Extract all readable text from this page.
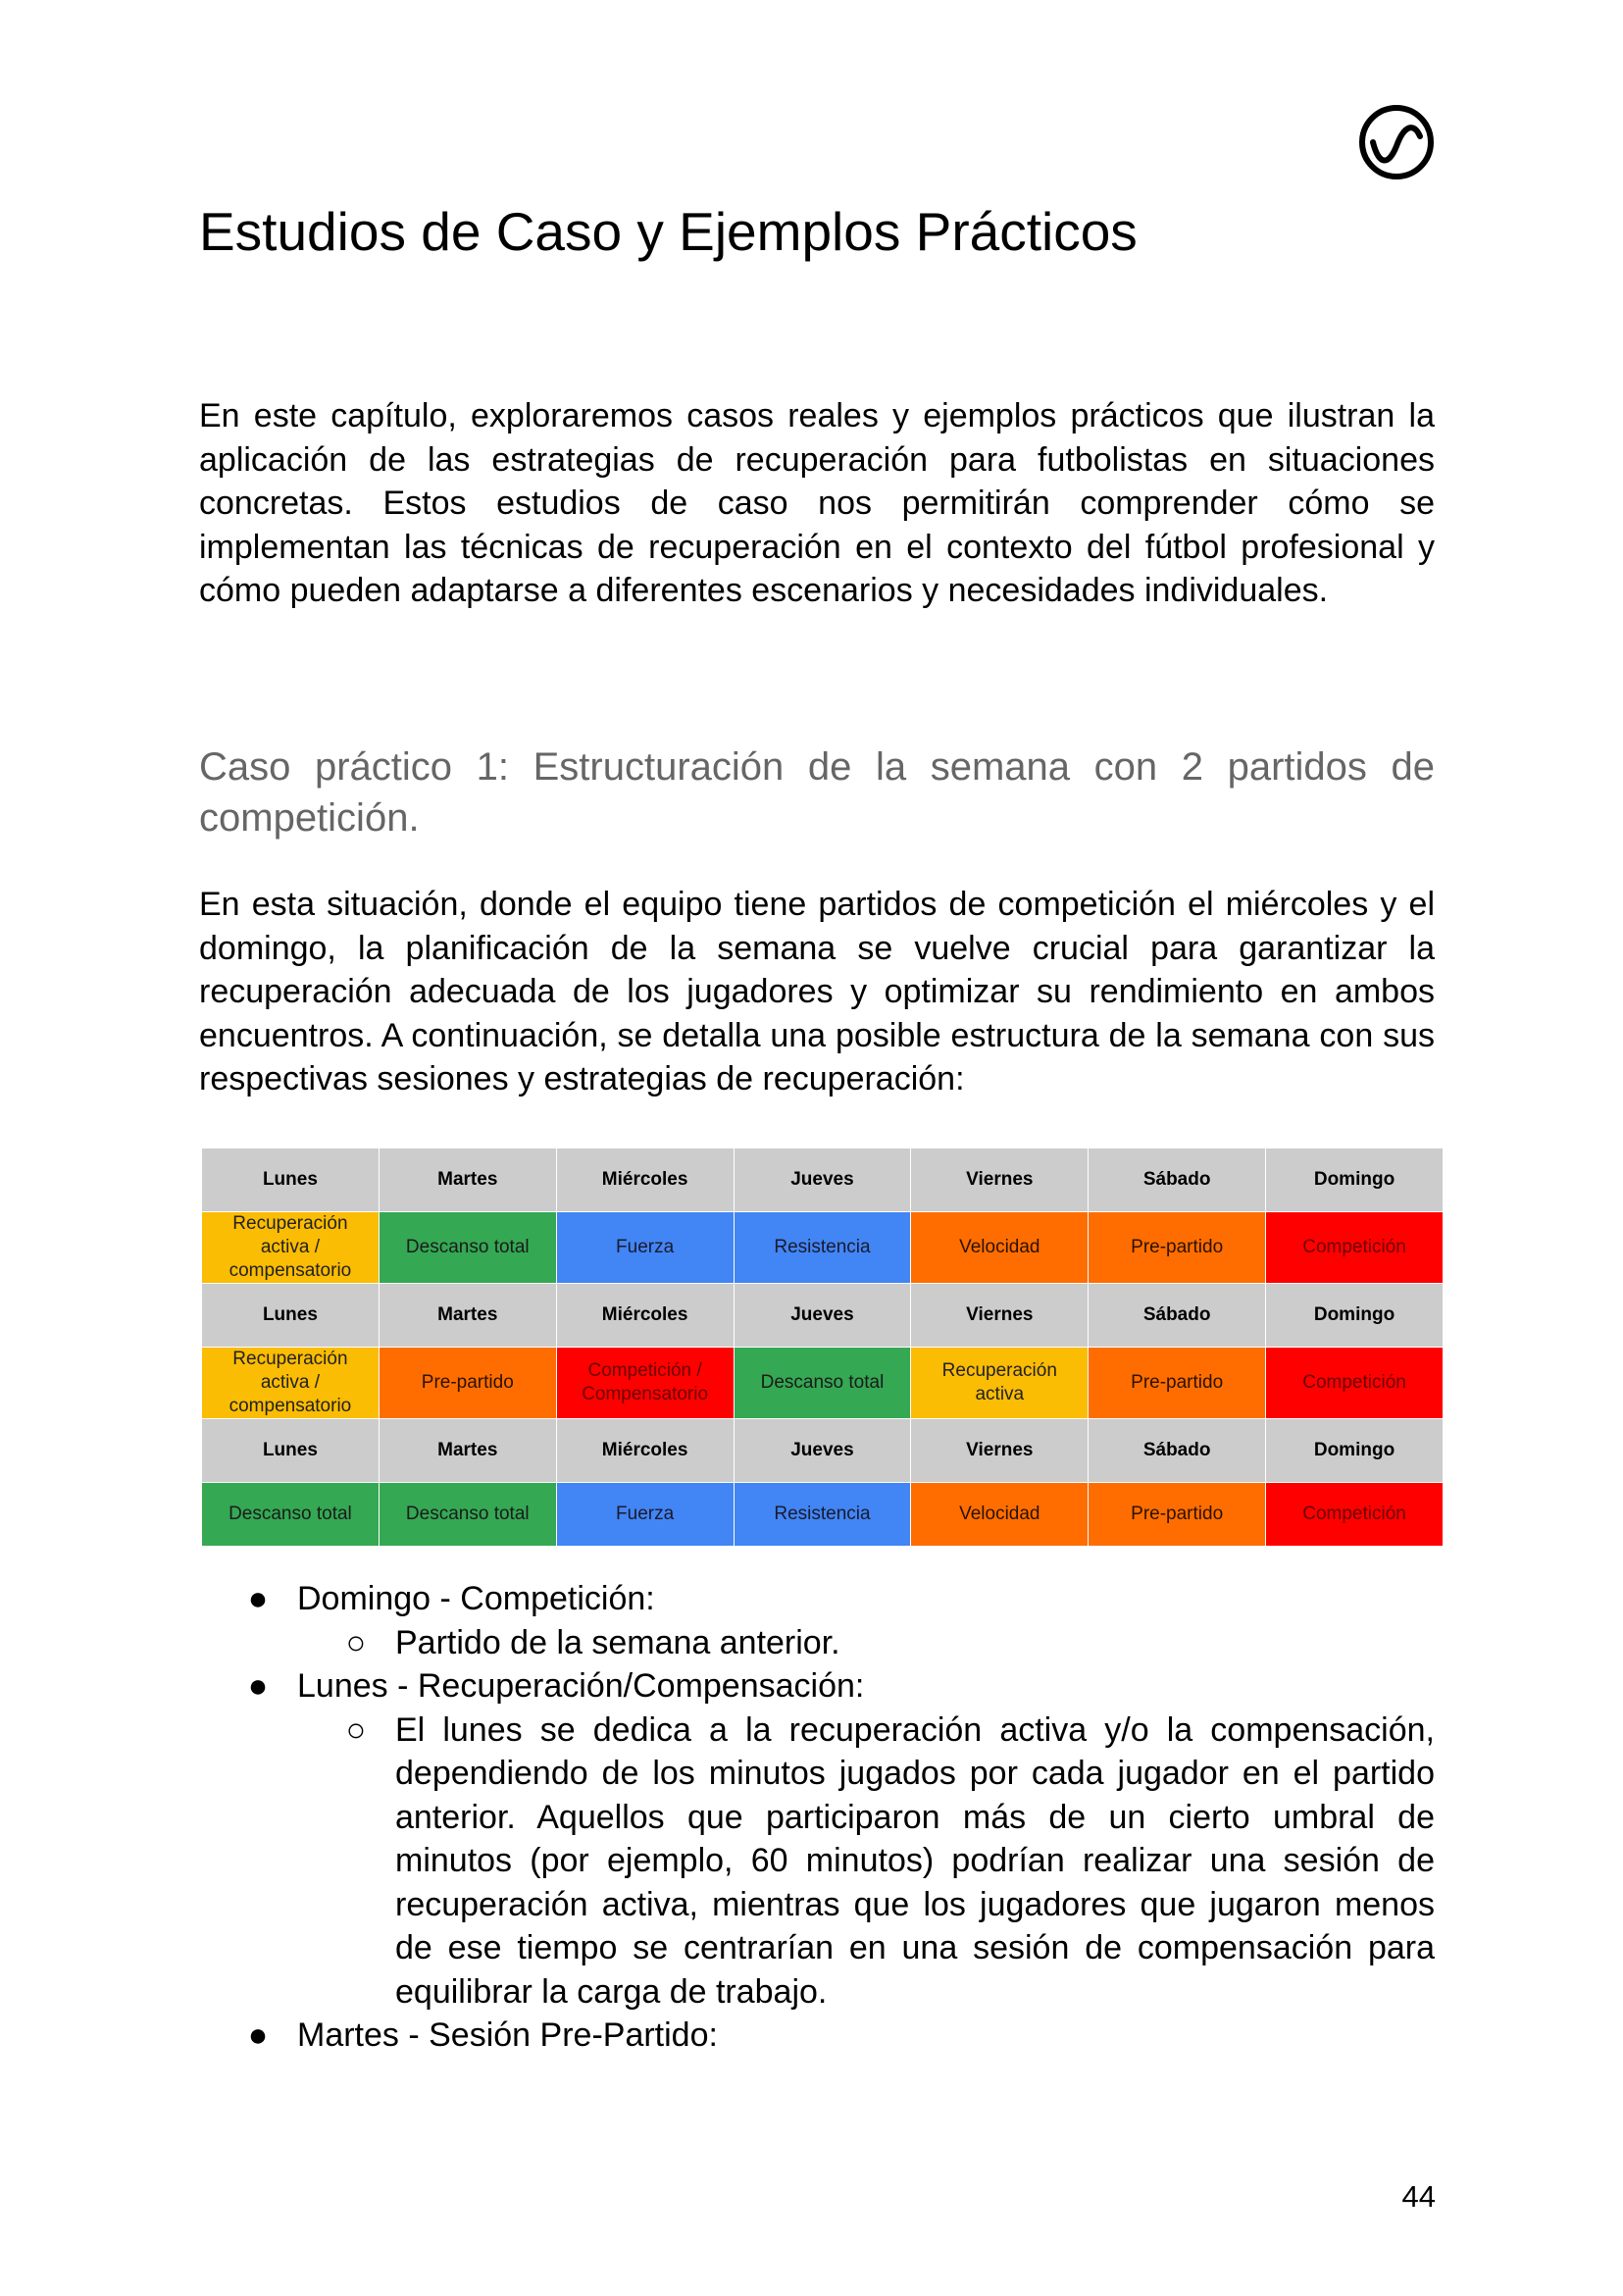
Estudios de Caso y Ejemplos Prácticos

En este capítulo, exploraremos casos reales y ejemplos prácticos que ilustran la aplicación de las estrategias de recuperación para futbolistas en situaciones concretas. Estos estudios de caso nos permitirán comprender cómo se implementan las técnicas de recuperación en el contexto del fútbol profesional y cómo pueden adaptarse a diferentes escenarios y necesidades individuales.

Caso práctico 1: Estructuración de la semana con 2 partidos de competición.

En esta situación, donde el equipo tiene partidos de competición el miércoles y el domingo, la planificación de la semana se vuelve crucial para garantizar la recuperación adecuada de los jugadores y optimizar su rendimiento en ambos encuentros. A continuación, se detalla una posible estructura de la semana con sus respectivas sesiones y estrategias de recuperación:

Lunes	Martes	Miércoles	Jueves	Viernes	Sábado	Domingo
Recuperación activa / compensatorio	Descanso total	Fuerza	Resistencia	Velocidad	Pre-partido	Competición
Lunes	Martes	Miércoles	Jueves	Viernes	Sábado	Domingo
Recuperación activa / compensatorio	Pre-partido	Competición / Compensatorio	Descanso total	Recuperación activa	Pre-partido	Competición
Lunes	Martes	Miércoles	Jueves	Viernes	Sábado	Domingo
Descanso total	Descanso total	Fuerza	Resistencia	Velocidad	Pre-partido	Competición
● Domingo - Competición:
○ Partido de la semana anterior.
● Lunes - Recuperación/Compensación:
○ El lunes se dedica a la recuperación activa y/o la compensación, dependiendo de los minutos jugados por cada jugador en el partido anterior. Aquellos que participaron más de un cierto umbral de minutos (por ejemplo, 60 minutos) podrían realizar una sesión de recuperación activa, mientras que los jugadores que jugaron menos de ese tiempo se centrarían en una sesión de compensación para equilibrar la carga de trabajo.
● Martes - Sesión Pre-Partido:
44
